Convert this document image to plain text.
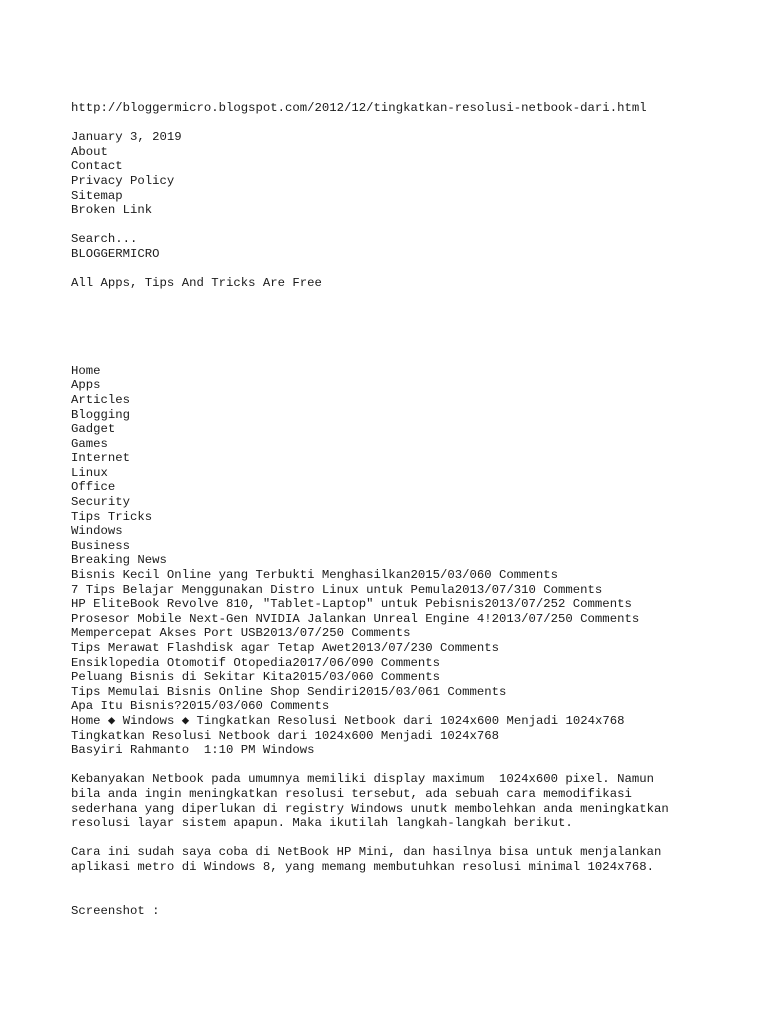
http://bloggermicro.blogspot.com/2012/12/tingkatkan-resolusi-netbook-dari.html
January 3, 2019
About
Contact
Privacy Policy
Sitemap
Broken Link
Search...
BLOGGERMICRO
All Apps, Tips And Tricks Are Free
Home
Apps
Articles
Blogging
Gadget
Games
Internet
Linux
Office
Security
Tips Tricks
Windows
Business
Breaking News
Bisnis Kecil Online yang Terbukti Menghasilkan2015/03/060 Comments
7 Tips Belajar Menggunakan Distro Linux untuk Pemula2013/07/310 Comments
HP EliteBook Revolve 810, "Tablet-Laptop" untuk Pebisnis2013/07/252 Comments
Prosesor Mobile Next-Gen NVIDIA Jalankan Unreal Engine 4!2013/07/250 Comments
Mempercepat Akses Port USB2013/07/250 Comments
Tips Merawat Flashdisk agar Tetap Awet2013/07/230 Comments
Ensiklopedia Otomotif Otopedia2017/06/090 Comments
Peluang Bisnis di Sekitar Kita2015/03/060 Comments
Tips Memulai Bisnis Online Shop Sendiri2015/03/061 Comments
Apa Itu Bisnis?2015/03/060 Comments
Home ◆ Windows ◆ Tingkatkan Resolusi Netbook dari 1024x600 Menjadi 1024x768
Tingkatkan Resolusi Netbook dari 1024x600 Menjadi 1024x768
Basyiri Rahmanto  1:10 PM Windows
Kebanyakan Netbook pada umumnya memiliki display maximum  1024x600 pixel. Namun
bila anda ingin meningkatkan resolusi tersebut, ada sebuah cara memodifikasi
sederhana yang diperlukan di registry Windows unutk membolehkan anda meningkatkan
resolusi layar sistem apapun. Maka ikutilah langkah-langkah berikut.
Cara ini sudah saya coba di NetBook HP Mini, dan hasilnya bisa untuk menjalankan
aplikasi metro di Windows 8, yang memang membutuhkan resolusi minimal 1024x768.
Screenshot :
